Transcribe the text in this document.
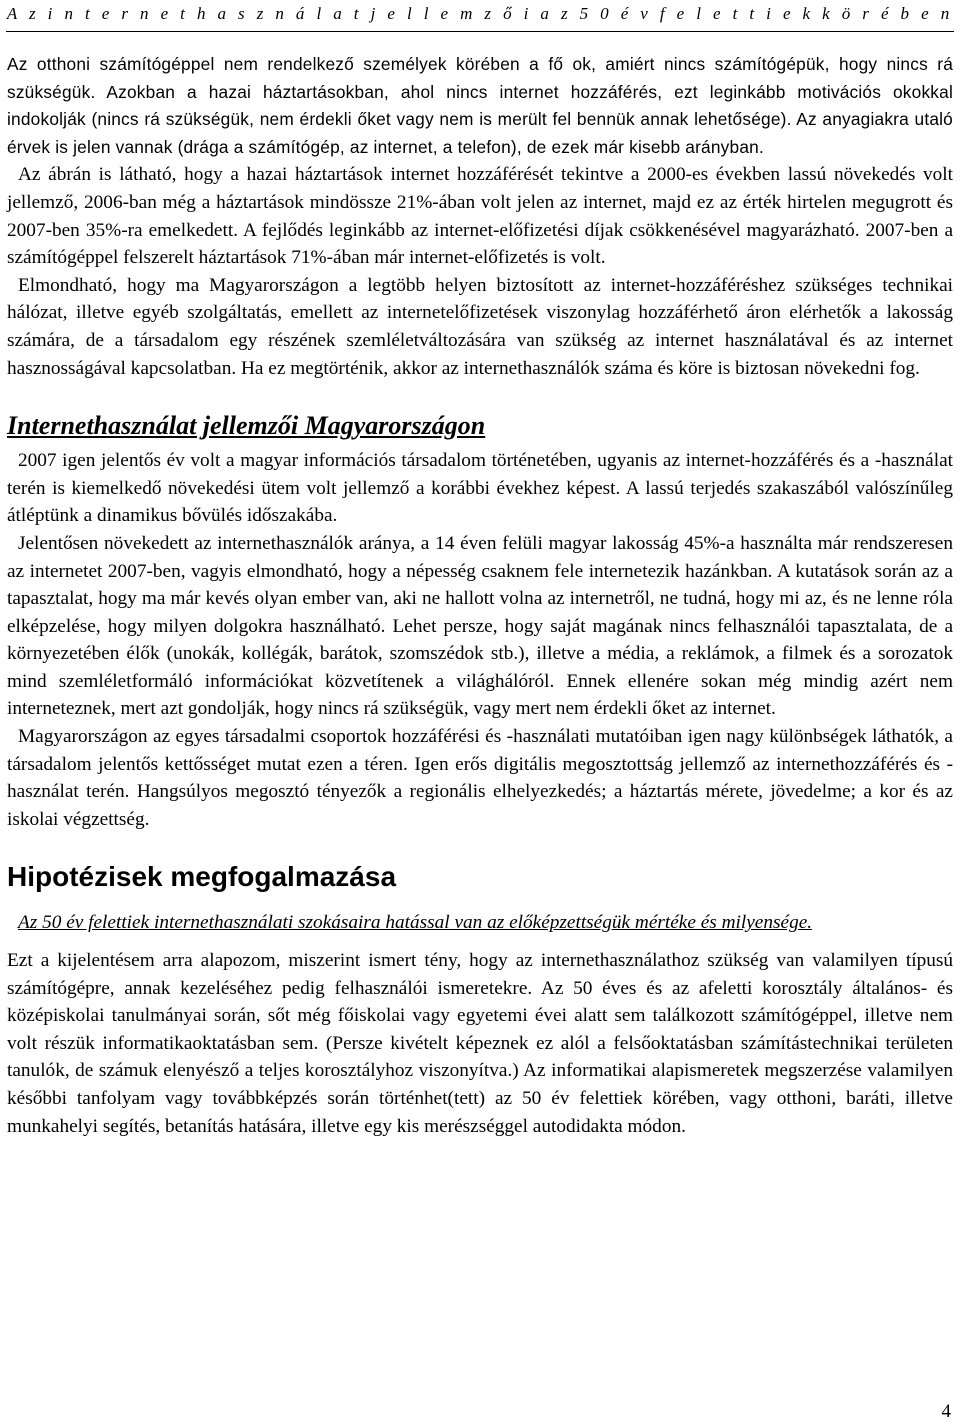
A z i n t e r n e t h a s z n á l a t j e l l e m z ő i a z 5 0 é v f e l e t t i e k k ö r é b e n

Az otthoni számítógéppel nem rendelkező személyek körében a fő ok, amiért nincs számítógépük, hogy nincs rá szükségük. Azokban a hazai háztartásokban, ahol nincs internet hozzáférés, ezt leginkább motivációs okokkal indokolják (nincs rá szükségük, nem érdekli őket vagy nem is merült fel bennük annak lehetősége). Az anyagiakra utaló érvek is jelen vannak (drága a számítógép, az internet, a telefon), de ezek már kisebb arányban.

Az ábrán is látható, hogy a hazai háztartások internet hozzáférését tekintve a 2000-es években lassú növekedés volt jellemző, 2006-ban még a háztartások mindössze 21%-ában volt jelen az internet, majd ez az érték hirtelen megugrott és 2007-ben 35%-ra emelkedett. A fejlődés leginkább az internet-előfizetési díjak csökkenésével magyarázható. 2007-ben a számítógéppel felszerelt háztartások 71%-ában már internet-előfizetés is volt.

Elmondható, hogy ma Magyarországon a legtöbb helyen biztosított az internet-hozzáféréshez szükséges technikai hálózat, illetve egyéb szolgáltatás, emellett az internetelőfizetések viszonylag hozzáférhető áron elérhetők a lakosság számára, de a társadalom egy részének szemléletváltozására van szükség az internet használatával és az internet hasznosságával kapcsolatban. Ha ez megtörténik, akkor az internethasználók száma és köre is biztosan növekedni fog.

Internethasználat jellemzői Magyarországon

2007 igen jelentős év volt a magyar információs társadalom történetében, ugyanis az internet-hozzáférés és a -használat terén is kiemelkedő növekedési ütem volt jellemző a korábbi évekhez képest. A lassú terjedés szakaszából valószínűleg átléptünk a dinamikus bővülés időszakába.

Jelentősen növekedett az internethasználók aránya, a 14 éven felüli magyar lakosság 45%-a használta már rendszeresen az internetet 2007-ben, vagyis elmondható, hogy a népesség csaknem fele internetezik hazánkban. A kutatások során az a tapasztalat, hogy ma már kevés olyan ember van, aki ne hallott volna az internetről, ne tudná, hogy mi az, és ne lenne róla elképzelése, hogy milyen dolgokra használható. Lehet persze, hogy saját magának nincs felhasználói tapasztalata, de a környezetében élők (unokák, kollégák, barátok, szomszédok stb.), illetve a média, a reklámok, a filmek és a sorozatok mind szemléletformáló információkat közvetítenek a világhálóról. Ennek ellenére sokan még mindig azért nem interneteznek, mert azt gondolják, hogy nincs rá szükségük, vagy mert nem érdekli őket az internet.

Magyarországon az egyes társadalmi csoportok hozzáférési és -használati mutatóiban igen nagy különbségek láthatók, a társadalom jelentős kettősséget mutat ezen a téren. Igen erős digitális megosztottság jellemző az internethozzáférés és -használat terén. Hangsúlyos megosztó tényezők a regionális elhelyezkedés; a háztartás mérete, jövedelme; a kor és az iskolai végzettség.

Hipotézisek megfogalmazása

Az 50 év felettiek internethasználati szokásaira hatással van az előképzettségük mértéke és milyensége.

Ezt a kijelentésem arra alapozom, miszerint ismert tény, hogy az internethasználathoz szükség van valamilyen típusú számítógépre, annak kezeléséhez pedig felhasználói ismeretekre. Az 50 éves és az afeletti korosztály általános- és középiskolai tanulmányai során, sőt még főiskolai vagy egyetemi évei alatt sem találkozott számítógéppel, illetve nem volt részük informatikaoktatásban sem. (Persze kivételt képeznek ez alól a felsőoktatásban számítástechnikai területen tanulók, de számuk elenyésző a teljes korosztályhoz viszonyítva.) Az informatikai alapismeretek megszerzése valamilyen későbbi tanfolyam vagy továbbképzés során történhet(tett) az 50 év felettiek körében, vagy otthoni, baráti, illetve munkahelyi segítés, betanítás hatására, illetve egy kis merészséggel autodidakta módon.

4
